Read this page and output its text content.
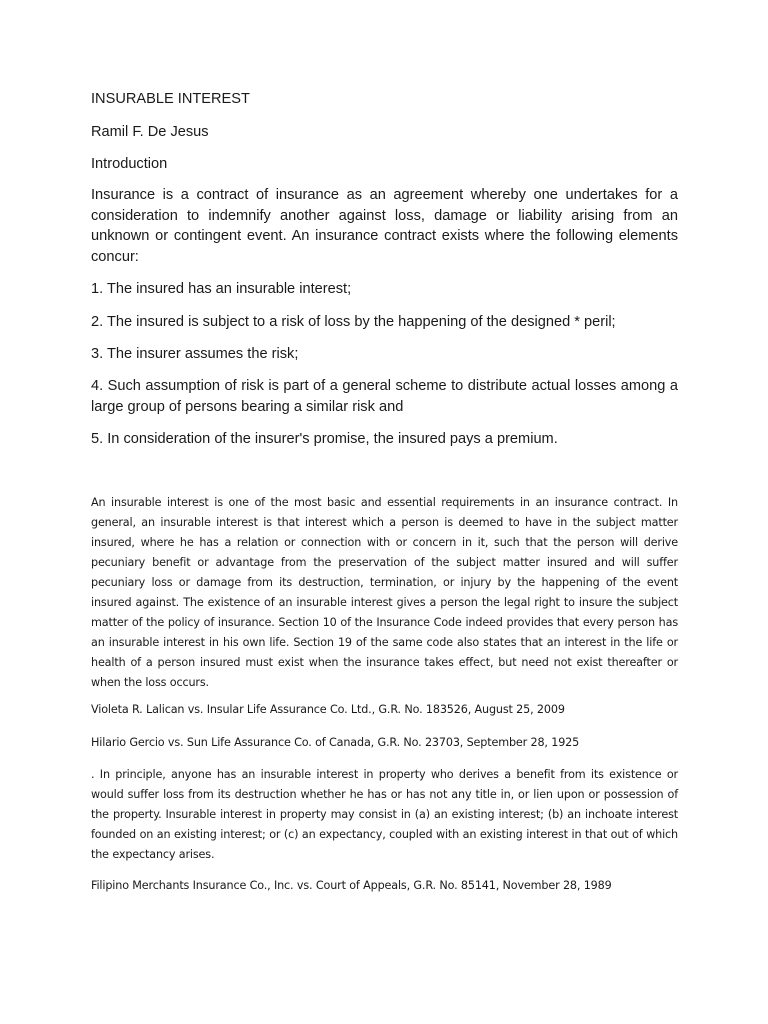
INSURABLE INTEREST

Ramil F. De Jesus

Introduction

Insurance is a contract of insurance as an agreement whereby one undertakes for a consideration to indemnify another against loss, damage or liability arising from an unknown or contingent event. An insurance contract exists where the following elements concur:

1. The insured has an insurable interest;

2. The insured is subject to a risk of loss by the happening of the designed * peril;

3. The insurer assumes the risk;

4. Such assumption of risk is part of a general scheme to distribute actual losses among a large group of persons bearing a similar risk and

5. In consideration of the insurer's promise, the insured pays a premium.

An insurable interest is one of the most basic and essential requirements in an insurance contract. In general, an insurable interest is that interest which a person is deemed to have in the subject matter insured, where he has a relation or connection with or concern in it, such that the person will derive pecuniary benefit or advantage from the preservation of the subject matter insured and will suffer pecuniary loss or damage from its destruction, termination, or injury by the happening of the event insured against. The existence of an insurable interest gives a person the legal right to insure the subject matter of the policy of insurance. Section 10 of the Insurance Code indeed provides that every person has an insurable interest in his own life. Section 19 of the same code also states that an interest in the life or health of a person insured must exist when the insurance takes effect, but need not exist thereafter or when the loss occurs.

Violeta R. Lalican vs. Insular Life Assurance Co. Ltd., G.R. No. 183526, August 25, 2009

Hilario Gercio vs. Sun Life Assurance Co. of Canada, G.R. No. 23703, September 28, 1925

. In principle, anyone has an insurable interest in property who derives a benefit from its existence or would suffer loss from its destruction whether he has or has not any title in, or lien upon or possession of the property. Insurable interest in property may consist in (a) an existing interest; (b) an inchoate interest founded on an existing interest; or (c) an expectancy, coupled with an existing interest in that out of which the expectancy arises.

Filipino Merchants Insurance Co., Inc. vs. Court of Appeals, G.R. No. 85141, November 28, 1989
